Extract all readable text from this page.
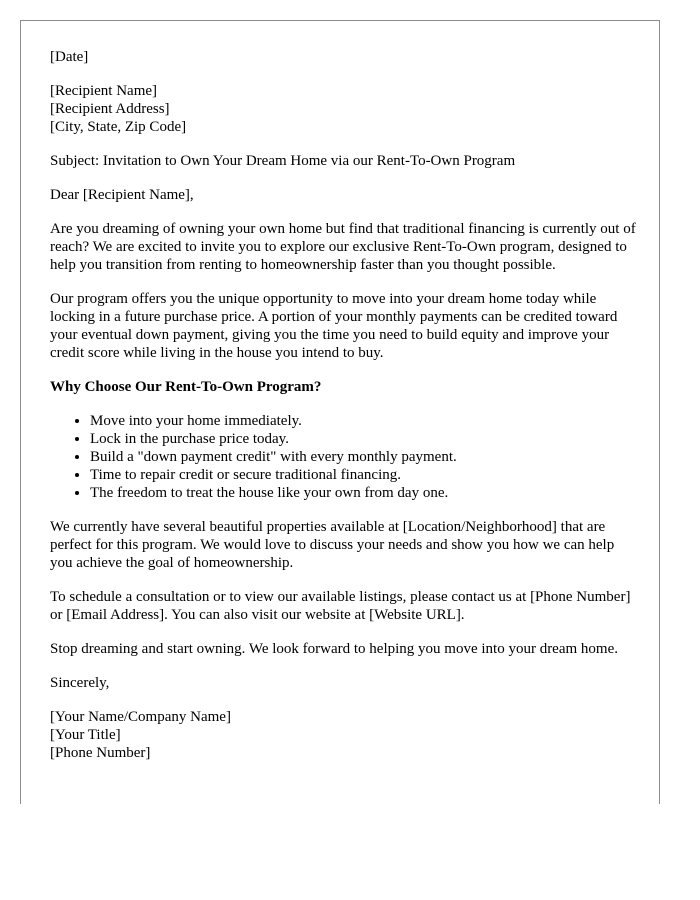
[Date]

[Recipient Name]
[Recipient Address]
[City, State, Zip Code]

Subject: Invitation to Own Your Dream Home via our Rent-To-Own Program

Dear [Recipient Name],

Are you dreaming of owning your own home but find that traditional financing is currently out of reach? We are excited to invite you to explore our exclusive Rent-To-Own program, designed to help you transition from renting to homeownership faster than you thought possible.

Our program offers you the unique opportunity to move into your dream home today while locking in a future purchase price. A portion of your monthly payments can be credited toward your eventual down payment, giving you the time you need to build equity and improve your credit score while living in the house you intend to buy.

Why Choose Our Rent-To-Own Program?
• Move into your home immediately.
• Lock in the purchase price today.
• Build a "down payment credit" with every monthly payment.
• Time to repair credit or secure traditional financing.
• The freedom to treat the house like your own from day one.

We currently have several beautiful properties available at [Location/Neighborhood] that are perfect for this program. We would love to discuss your needs and show you how we can help you achieve the goal of homeownership.

To schedule a consultation or to view our available listings, please contact us at [Phone Number] or [Email Address]. You can also visit our website at [Website URL].

Stop dreaming and start owning. We look forward to helping you move into your dream home.

Sincerely,

[Your Name/Company Name]
[Your Title]
[Phone Number]
